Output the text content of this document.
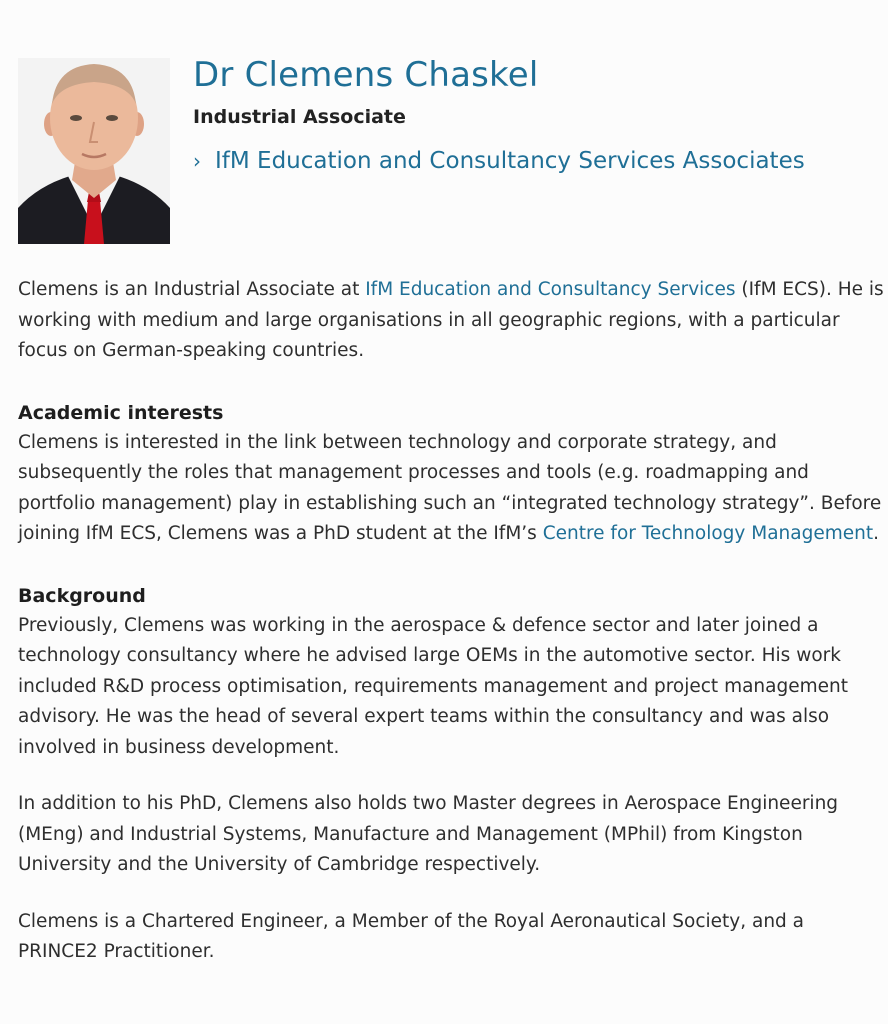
Dr Clemens Chaskel

Industrial Associate

› IfM Education and Consultancy Services Associates

Clemens is an Industrial Associate at IfM Education and Consultancy Services (IfM ECS). He is working with medium and large organisations in all geographic regions, with a particular focus on German-speaking countries.

Academic interests

Clemens is interested in the link between technology and corporate strategy, and subsequently the roles that management processes and tools (e.g. roadmapping and portfolio management) play in establishing such an “integrated technology strategy”. Before joining IfM ECS, Clemens was a PhD student at the IfM’s Centre for Technology Management.

Background

Previously, Clemens was working in the aerospace & defence sector and later joined a technology consultancy where he advised large OEMs in the automotive sector. His work included R&D process optimisation, requirements management and project management advisory. He was the head of several expert teams within the consultancy and was also involved in business development.

In addition to his PhD, Clemens also holds two Master degrees in Aerospace Engineering (MEng) and Industrial Systems, Manufacture and Management (MPhil) from Kingston University and the University of Cambridge respectively.

Clemens is a Chartered Engineer, a Member of the Royal Aeronautical Society, and a PRINCE2 Practitioner.
